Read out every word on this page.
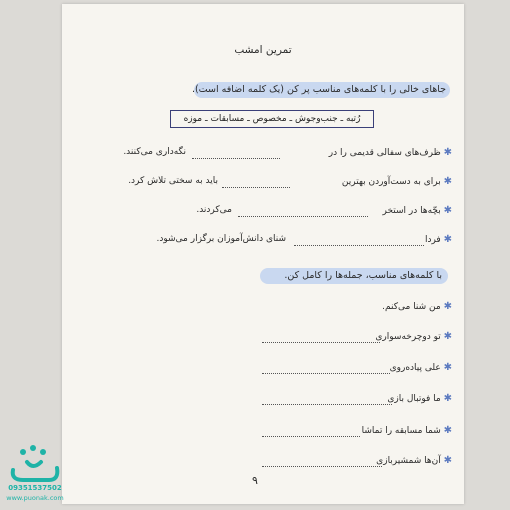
تمرين امشب
جاهای خالی را با كلمه‌های مناسب پر كن (یک كلمه اضافه است).
رُتبه ـ جنب‌وجوش ـ مخصوص ـ مسابقات ـ موزه
✱ ظرف‌های سفالی قدیمی را در
نگه‌داری می‌كنند.
✱ برای به دست‌آوردن بهترین
باید به سختی تلاش كرد.
✱ بچّه‌ها در استخر
می‌كردند.
✱ فردا
شنای دانش‌آموزان برگزار می‌شود.
با كلمه‌های مناسب، جمله‌ها را كامل كن.
✱ من شنا می‌كنم.
✱ تو دوچرخه‌سواری
✱ علی پیاده‌روی
✱ ما فوتبال بازی
✱ شما مسابقه را تماشا
✱ آن‌ها شمشیربازی
۹
09351537502
www.puonak.com
